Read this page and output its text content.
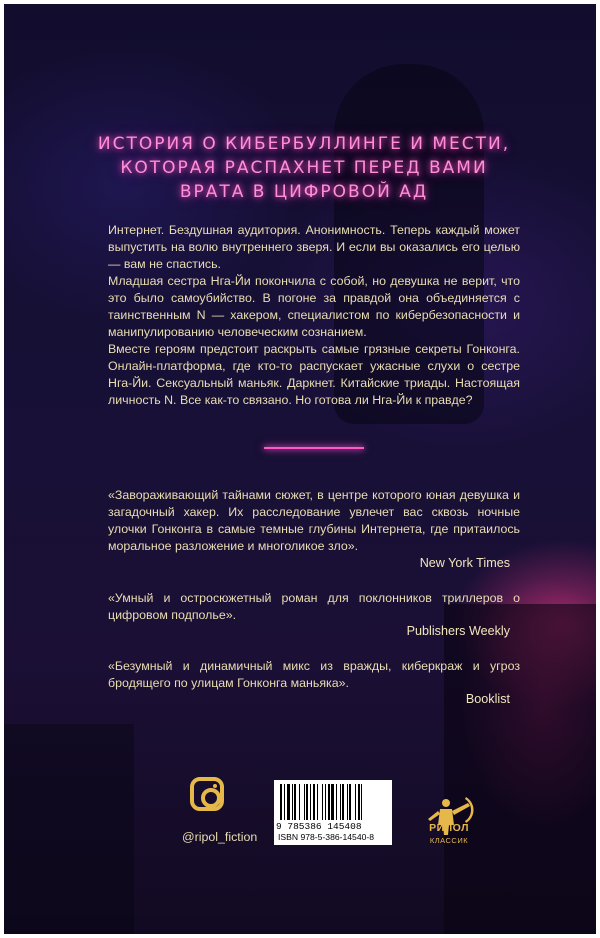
ИСТОРИЯ О КИБЕРБУЛЛИНГЕ И МЕСТИ,
КОТОРАЯ РАСПАХНЕТ ПЕРЕД ВАМИ
ВРАТА В ЦИФРОВОЙ АД

Интернет. Бездушная аудитория. Анонимность. Теперь каждый может выпустить на волю внутреннего зверя. И если вы оказались его целью — вам не спастись.

Младшая сестра Нга-Йи покончила с собой, но девушка не верит, что это было самоубийство. В погоне за правдой она объединяется с таинственным N — хакером, специалистом по кибербезопасности и манипулированию человеческим сознанием.

Вместе героям предстоит раскрыть самые грязные секреты Гонконга. Онлайн-платформа, где кто-то распускает ужасные слухи о сестре Нга-Йи. Сексуальный маньяк. Даркнет. Китайские триады. Настоящая личность N. Все как-то связано. Но готова ли Нга-Йи к правде?

«Завораживающий тайнами сюжет, в центре которого юная девушка и загадочный хакер. Их расследование увлечет вас сквозь ночные улочки Гонконга в самые темные глубины Интернета, где притаилось моральное разложение и многоликое зло».
New York Times
«Умный и остросюжетный роман для поклонников триллеров о цифровом подполье».
Publishers Weekly
«Безумный и динамичный микс из вражды, киберкраж и угроз бродящего по улицам Гонконга маньяка».
Booklist
@ripol_fiction
9 785386 145408
ISBN 978-5-386-14540-8
РИПОЛ
КЛАССИК
